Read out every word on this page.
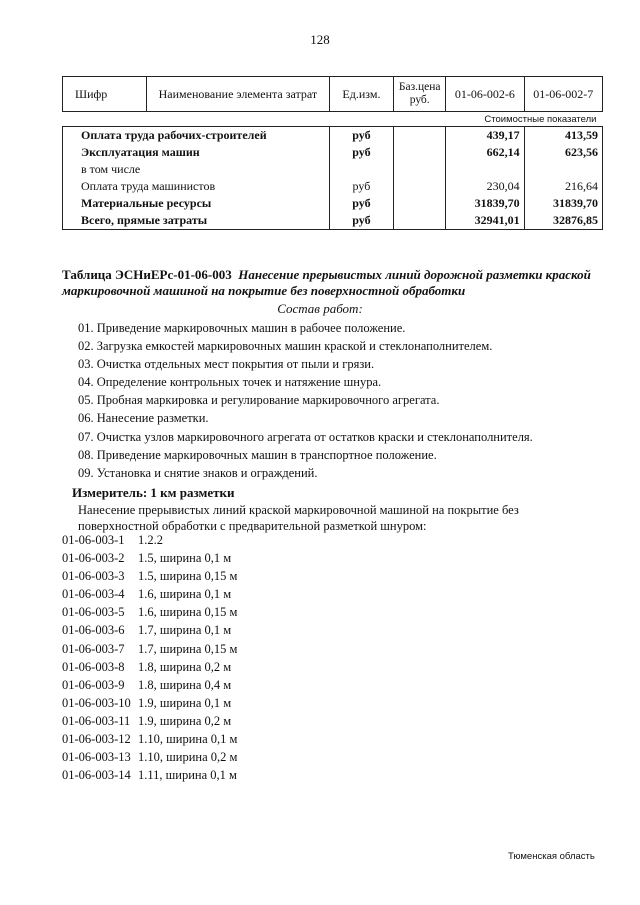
128
Шифр	Наименование элемента затрат	Ед.изм.	Баз.цена руб.	01-06-002-6	01-06-002-7
Стоимостные показатели					
Оплата труда рабочих-строителей		руб		439,17	413,59
Эксплуатация машин		руб		662,14	623,56
в том числе					
Оплата труда машинистов		руб		230,04	216,64
Материальные ресурсы		руб		31839,70	31839,70
Всего, прямые затраты		руб		32941,01	32876,85
Таблица ЭСНиЕРс-01-06-003 Нанесение прерывистых линий дорожной разметки краской маркировочной машиной на покрытие без поверхностной обработки
Состав работ:
01. Приведение маркировочных машин в рабочее положение.
02. Загрузка емкостей маркировочных машин краской и стеклонаполнителем.
03. Очистка отдельных мест покрытия от пыли и грязи.
04. Определение контрольных точек и натяжение шнура.
05. Пробная маркировка и регулирование маркировочного агрегата.
06. Нанесение разметки.
07. Очистка узлов маркировочного агрегата от остатков краски и стеклонаполнителя.
08. Приведение маркировочных машин в транспортное положение.
09. Установка и снятие знаков и ограждений.
Измеритель: 1 км разметки
Нанесение прерывистых линий краской маркировочной машиной на покрытие без поверхностной обработки с предварительной разметкой шнуром:
01-06-003-1 1.2.2
01-06-003-2 1.5, ширина 0,1 м
01-06-003-3 1.5, ширина 0,15 м
01-06-003-4 1.6, ширина 0,1 м
01-06-003-5 1.6, ширина 0,15 м
01-06-003-6 1.7, ширина 0,1 м
01-06-003-7 1.7, ширина 0,15 м
01-06-003-8 1.8, ширина 0,2 м
01-06-003-9 1.8, ширина 0,4 м
01-06-003-10 1.9, ширина 0,1 м
01-06-003-11 1.9, ширина 0,2 м
01-06-003-12 1.10, ширина 0,1 м
01-06-003-13 1.10, ширина 0,2 м
01-06-003-14 1.11, ширина 0,1 м
Тюменская область
